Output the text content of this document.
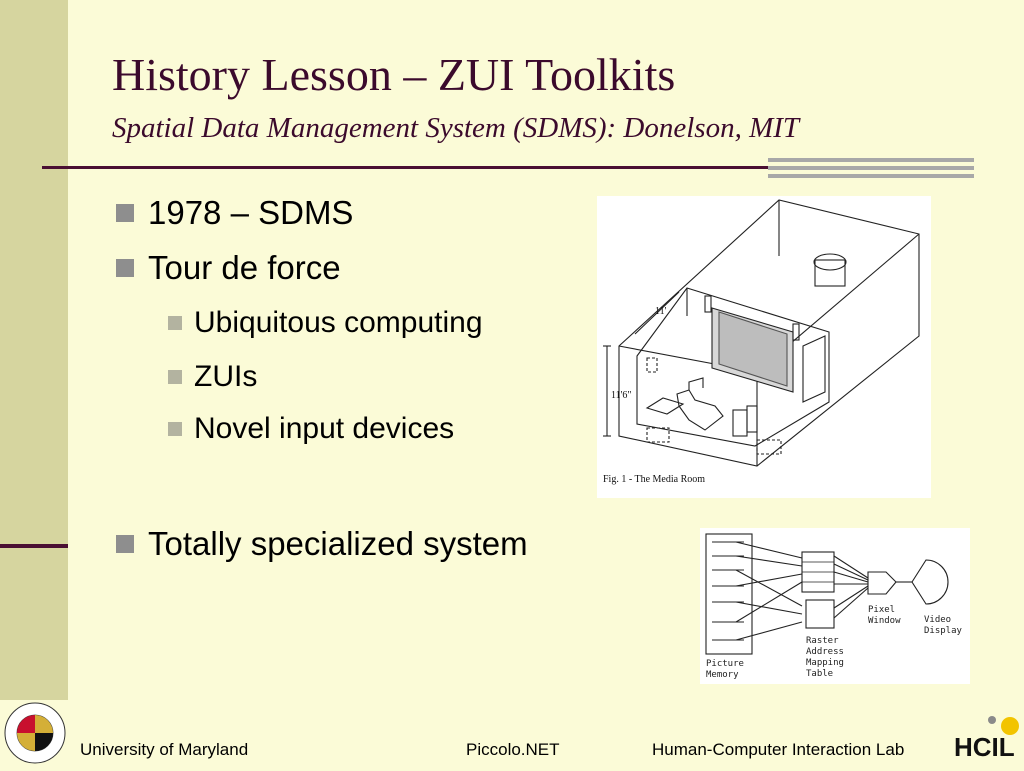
History Lesson – ZUI Toolkits
Spatial Data Management System (SDMS): Donelson, MIT
1978 – SDMS
Tour de force
Ubiquitous computing
ZUIs
Novel input devices
Totally specialized system
11'6"
11'
Fig. 1 - The Media Room
Picture
Memory
Raster
Address
Mapping
Table
Pixel
Window	Video
Display
University of Maryland	Piccolo.NET	Human-Computer Interaction Lab HCIL
